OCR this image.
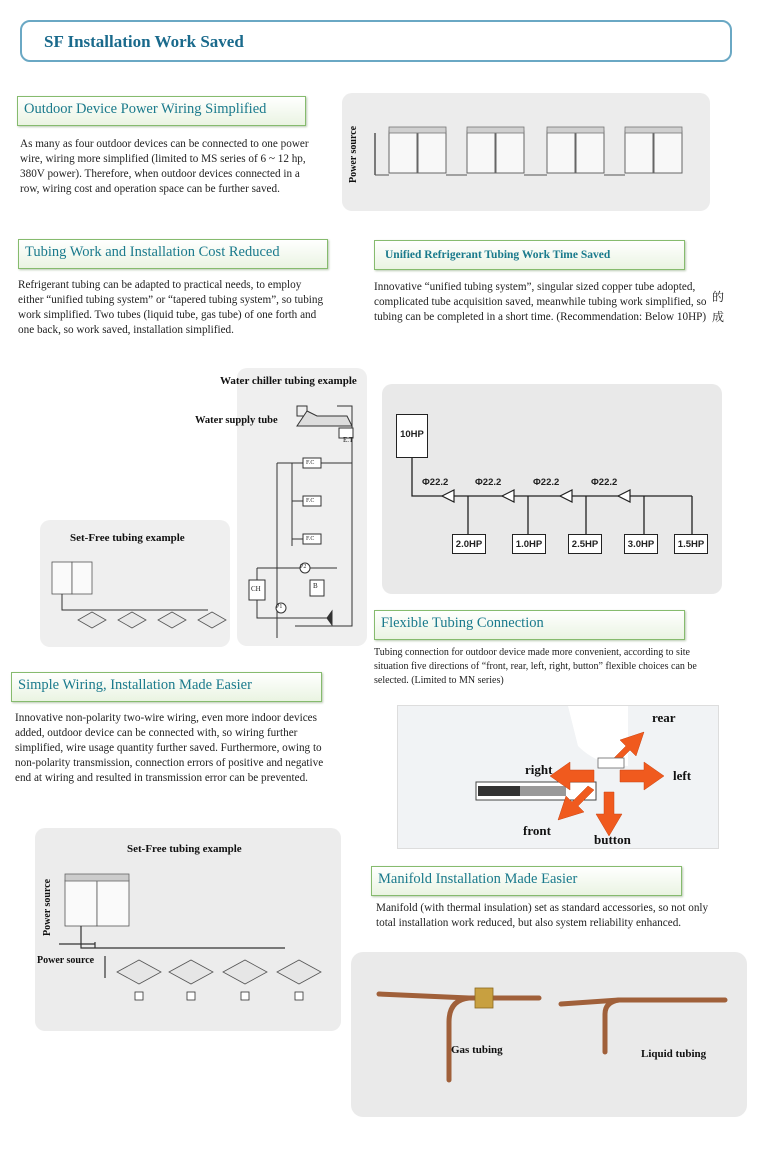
SF Installation Work Saved
Outdoor Device Power Wiring Simplified
As many as four outdoor devices can be connected to one power wire, wiring more simplified (limited to MS series of 6 ~ 12 hp, 380V power). Therefore, when outdoor devices connected in a row, wiring cost and operation space can be further saved.
Power source
Tubing Work and Installation Cost Reduced
Refrigerant tubing can be adapted to practical needs, to employ either “unified tubing system” or “tapered tubing system”, so tubing work simplified. Two tubes (liquid tube, gas tube) of one forth and one back, so work saved, installation simplified.
Unified Refrigerant Tubing Work Time Saved
Innovative “unified tubing system”, singular sized copper tube adopted, complicated tube acquisition saved, meanwhile tubing work simplified, so tubing can be completed in a short time. (Recommendation: Below 10HP)
的
成
E.T
F.C
F.C
F.C
CH	B
P2
P1
Water chiller tubing example
Water supply tube
Set-Free tubing example
10HP
Φ22.2	Φ22.2	Φ22.2	Φ22.2
2.0HP	1.0HP	2.5HP	3.0HP	1.5HP
Flexible Tubing Connection
Tubing connection for outdoor device made more convenient, according to site situation five directions of “front, rear, left, right, button” flexible choices can be selected. (Limited to MN series)
rear
right	left
front
button
Simple Wiring, Installation Made Easier
Innovative non-polarity two-wire wiring, even more indoor devices added, outdoor device can be connected with, so wiring further simplified, wire usage quantity further saved. Furthermore, owing to non-polarity transmission, connection errors of positive and negative end at wiring and resulted in transmission error can be prevented.
Set-Free tubing example
Power source
Power source
Manifold Installation Made Easier
Manifold (with thermal insulation) set as standard accessories, so not only total installation work reduced, but also system reliability enhanced.
Gas tubing	Liquid tubing
